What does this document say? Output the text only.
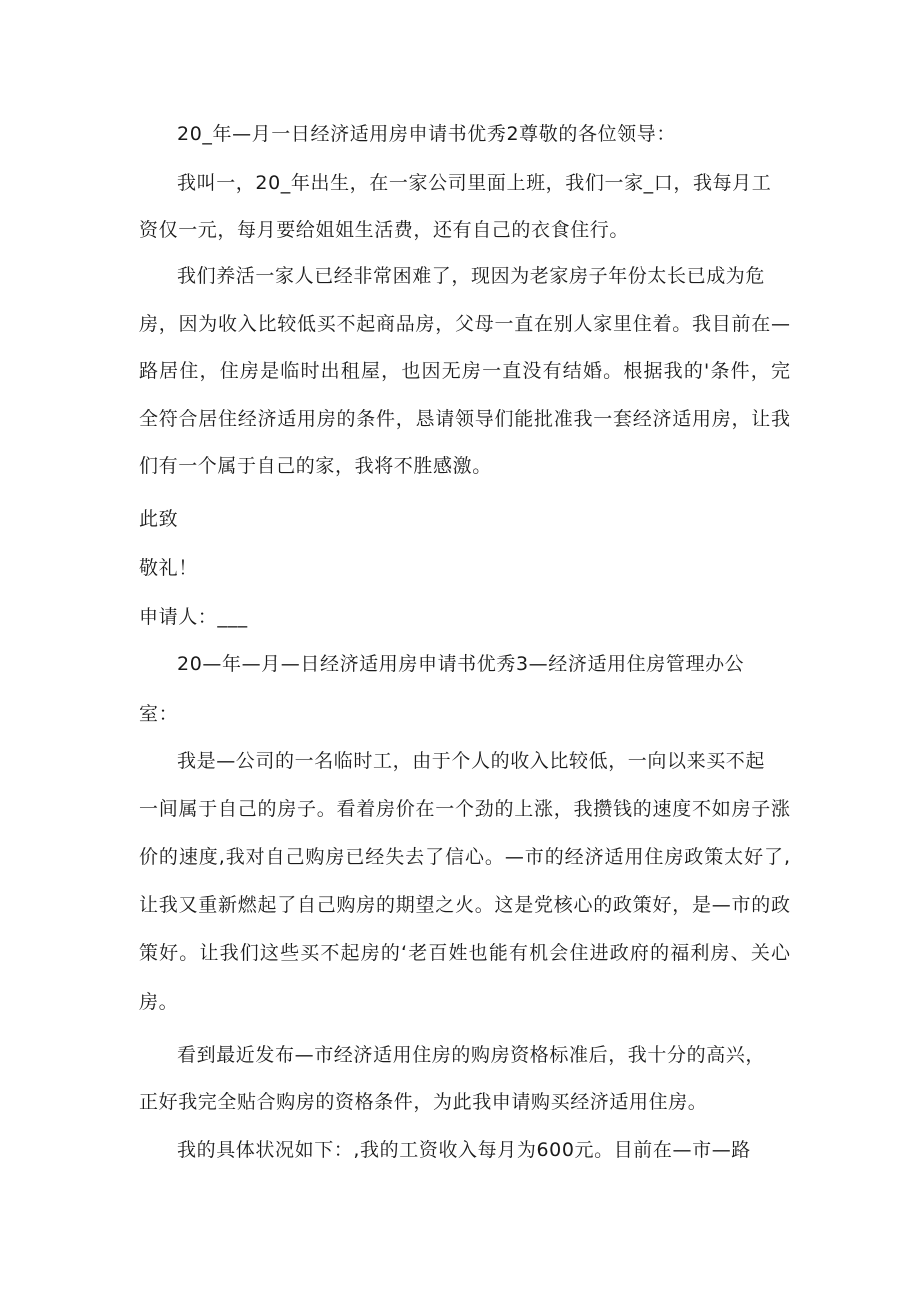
20_年—月一日经济适用房申请书优秀2尊敬的各位领导：
我叫一，20_年出生，在一家公司里面上班，我们一家_口，我每月工
资仅一元，每月要给姐姐生活费，还有自己的衣食住行。
我们养活一家人已经非常困难了，现因为老家房子年份太长已成为危
房，因为收入比较低买不起商品房，父母一直在别人家里住着。我目前在—
路居住，住房是临时出租屋，也因无房一直没有结婚。根据我的'条件，完
全符合居住经济适用房的条件，恳请领导们能批准我一套经济适用房，让我
们有一个属于自己的家，我将不胜感激。
此致
敬礼！
申请人：___
20—年—月—日经济适用房申请书优秀3—经济适用住房管理办公
室：
我是—公司的一名临时工，由于个人的收入比较低，一向以来买不起
一间属于自己的房子。看着房价在一个劲的上涨，我攒钱的速度不如房子涨
价的速度,我对自己购房已经失去了信心。—市的经济适用住房政策太好了,
让我又重新燃起了自己购房的期望之火。这是党核心的政策好，是—市的政
策好。让我们这些买不起房的‘老百姓也能有机会住进政府的福利房、关心
房。
看到最近发布—市经济适用住房的购房资格标准后，我十分的高兴，
正好我完全贴合购房的资格条件，为此我申请购买经济适用住房。
我的具体状况如下：,我的工资收入每月为600元。目前在—市—路
